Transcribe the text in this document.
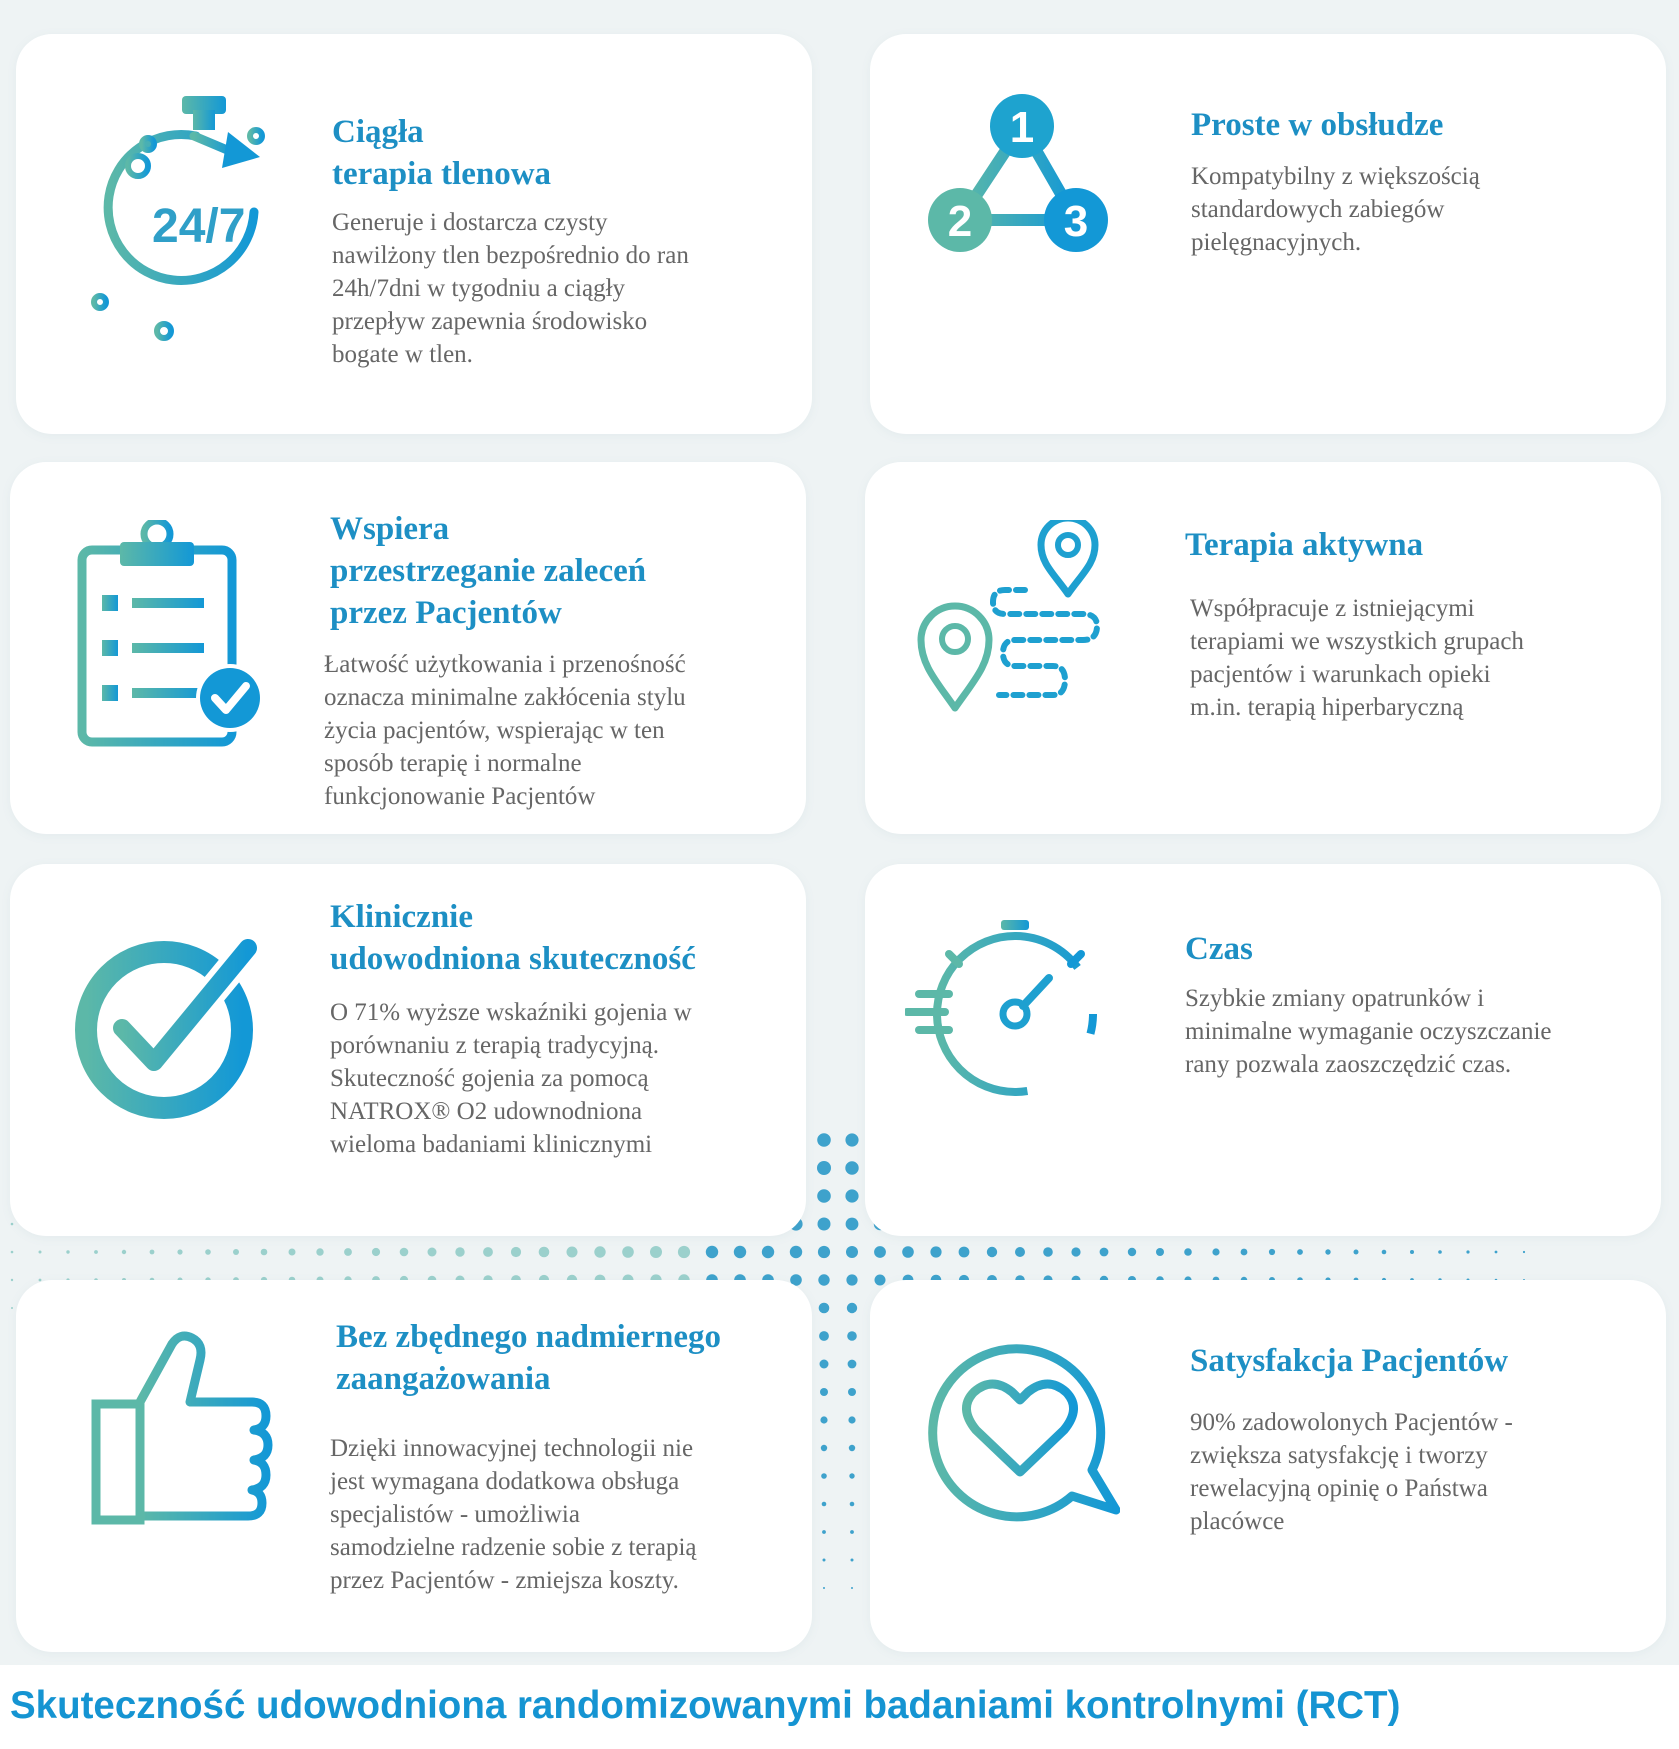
24/7
Ciągła
terapia tlenowa

Generuje i dostarcza czysty
nawilżony tlen bezpośrednio do ran
24h/7dni w tygodniu a ciągły
przepływ zapewnia środowisko
bogate w tlen.

1
2 3
Proste w obsłudze

Kompatybilny z większością
standardowych zabiegów
pielęgnacyjnych.

Wspiera
przestrzeganie zaleceń
przez Pacjentów

Łatwość użytkowania i przenośność
oznacza minimalne zakłócenia stylu
życia pacjentów, wspierając w ten
sposób terapię i normalne
funkcjonowanie Pacjentów

Terapia aktywna

Współpracuje z istniejącymi
terapiami we wszystkich grupach
pacjentów i warunkach opieki
m.in. terapią hiperbaryczną

Klinicznie
udowodniona skuteczność

O 71% wyższe wskaźniki gojenia w
porównaniu z terapią tradycyjną.
Skuteczność gojenia za pomocą
NATROX® O2 udownodniona
wieloma badaniami klinicznymi

Czas

Szybkie zmiany opatrunków i
minimalne wymaganie oczyszczanie
rany pozwala zaoszczędzić czas.

Bez zbędnego nadmiernego
zaangażowania

Dzięki innowacyjnej technologii nie
jest wymagana dodatkowa obsługa
specjalistów - umożliwia
samodzielne radzenie sobie z terapią
przez Pacjentów - zmiejsza koszty.

Satysfakcja Pacjentów

90% zadowolonych Pacjentów -
zwiększa satysfakcję i tworzy
rewelacyjną opinię o Państwa
placówce

Skuteczność udowodniona randomizowanymi badaniami kontrolnymi (RCT)
